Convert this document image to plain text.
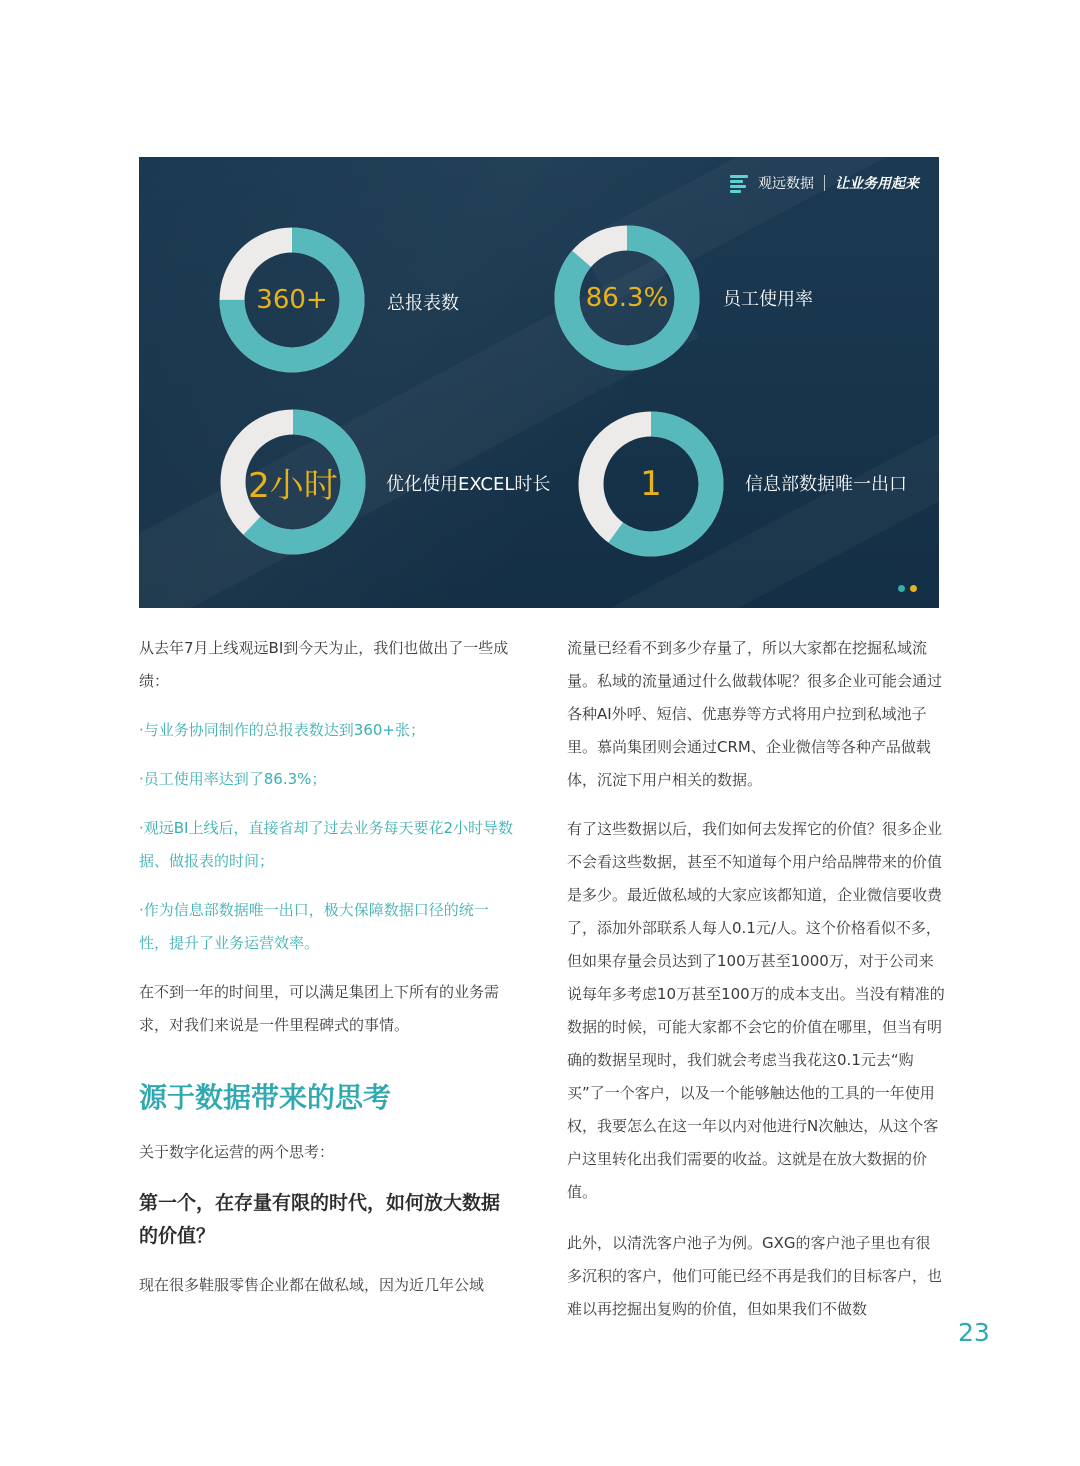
观远数据 让业务用起来
360+	总报表数	86.3%	员工使用率
2小时	优化使用EXCEL时长	1	信息部数据唯一出口

从去年7月上线观远BI到今天为止，我们也做出了一些成绩：

·与业务协同制作的总报表数达到360+张；

·员工使用率达到了86.3%；

·观远BI上线后，直接省却了过去业务每天要花2小时导数据、做报表的时间；

·作为信息部数据唯一出口，极大保障数据口径的统一性，提升了业务运营效率。

在不到一年的时间里，可以满足集团上下所有的业务需求，对我们来说是一件里程碑式的事情。

源于数据带来的思考

关于数字化运营的两个思考：

第一个，在存量有限的时代，如何放大数据的价值？

现在很多鞋服零售企业都在做私域，因为近几年公域

流量已经看不到多少存量了，所以大家都在挖掘私域流量。私域的流量通过什么做载体呢？很多企业可能会通过各种AI外呼、短信、优惠券等方式将用户拉到私域池子里。慕尚集团则会通过CRM、企业微信等各种产品做载体，沉淀下用户相关的数据。

有了这些数据以后，我们如何去发挥它的价值？很多企业不会看这些数据，甚至不知道每个用户给品牌带来的价值是多少。最近做私域的大家应该都知道，企业微信要收费了，添加外部联系人每人0.1元/人。这个价格看似不多，但如果存量会员达到了100万甚至1000万，对于公司来说每年多考虑10万甚至100万的成本支出。当没有精准的数据的时候，可能大家都不会它的价值在哪里，但当有明确的数据呈现时，我们就会考虑当我花这0.1元去“购买”了一个客户，以及一个能够触达他的工具的一年使用权，我要怎么在这一年以内对他进行N次触达，从这个客户这里转化出我们需要的收益。这就是在放大数据的价值。

此外，以清洗客户池子为例。GXG的客户池子里也有很多沉积的客户，他们可能已经不再是我们的目标客户，也难以再挖掘出复购的价值，但如果我们不做数

23
